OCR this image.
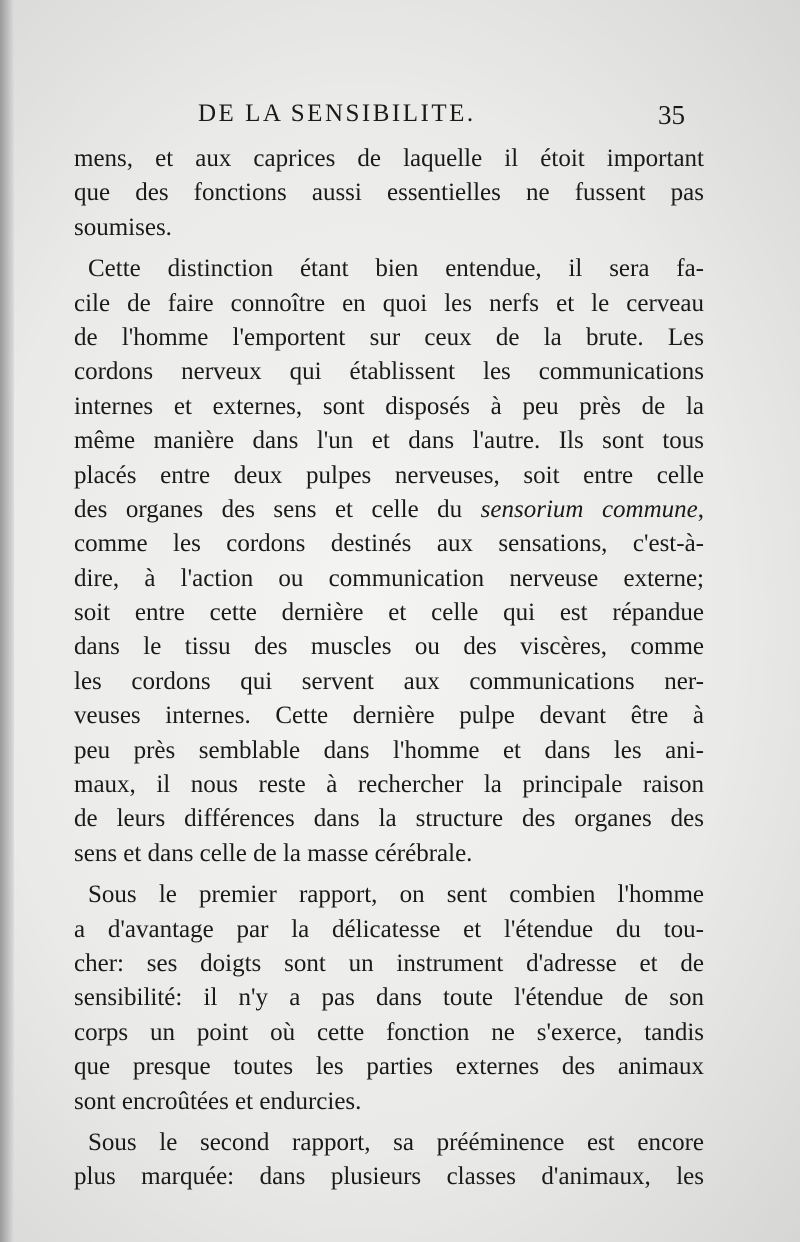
DE LA SENSIBILITE.	35
mens, et aux caprices de laquelle il étoit important
que des fonctions aussi essentielles ne fussent pas
soumises.
Cette distinction étant bien entendue, il sera fa-
cile de faire connoître en quoi les nerfs et le cerveau
de l'homme l'emportent sur ceux de la brute. Les
cordons nerveux qui établissent les communications
internes et externes, sont disposés à peu près de la
même manière dans l'un et dans l'autre. Ils sont tous
placés entre deux pulpes nerveuses, soit entre celle
des organes des sens et celle du sensorium commune,
comme les cordons destinés aux sensations, c'est-à-
dire, à l'action ou communication nerveuse externe;
soit entre cette dernière et celle qui est répandue
dans le tissu des muscles ou des viscères, comme
les cordons qui servent aux communications ner-
veuses internes. Cette dernière pulpe devant être à
peu près semblable dans l'homme et dans les ani-
maux, il nous reste à rechercher la principale raison
de leurs différences dans la structure des organes des
sens et dans celle de la masse cérébrale.
Sous le premier rapport, on sent combien l'homme
a d'avantage par la délicatesse et l'étendue du tou-
cher: ses doigts sont un instrument d'adresse et de
sensibilité: il n'y a pas dans toute l'étendue de son
corps un point où cette fonction ne s'exerce, tandis
que presque toutes les parties externes des animaux
sont encroûtées et endurcies.
Sous le second rapport, sa prééminence est encore
plus marquée: dans plusieurs classes d'animaux, les
